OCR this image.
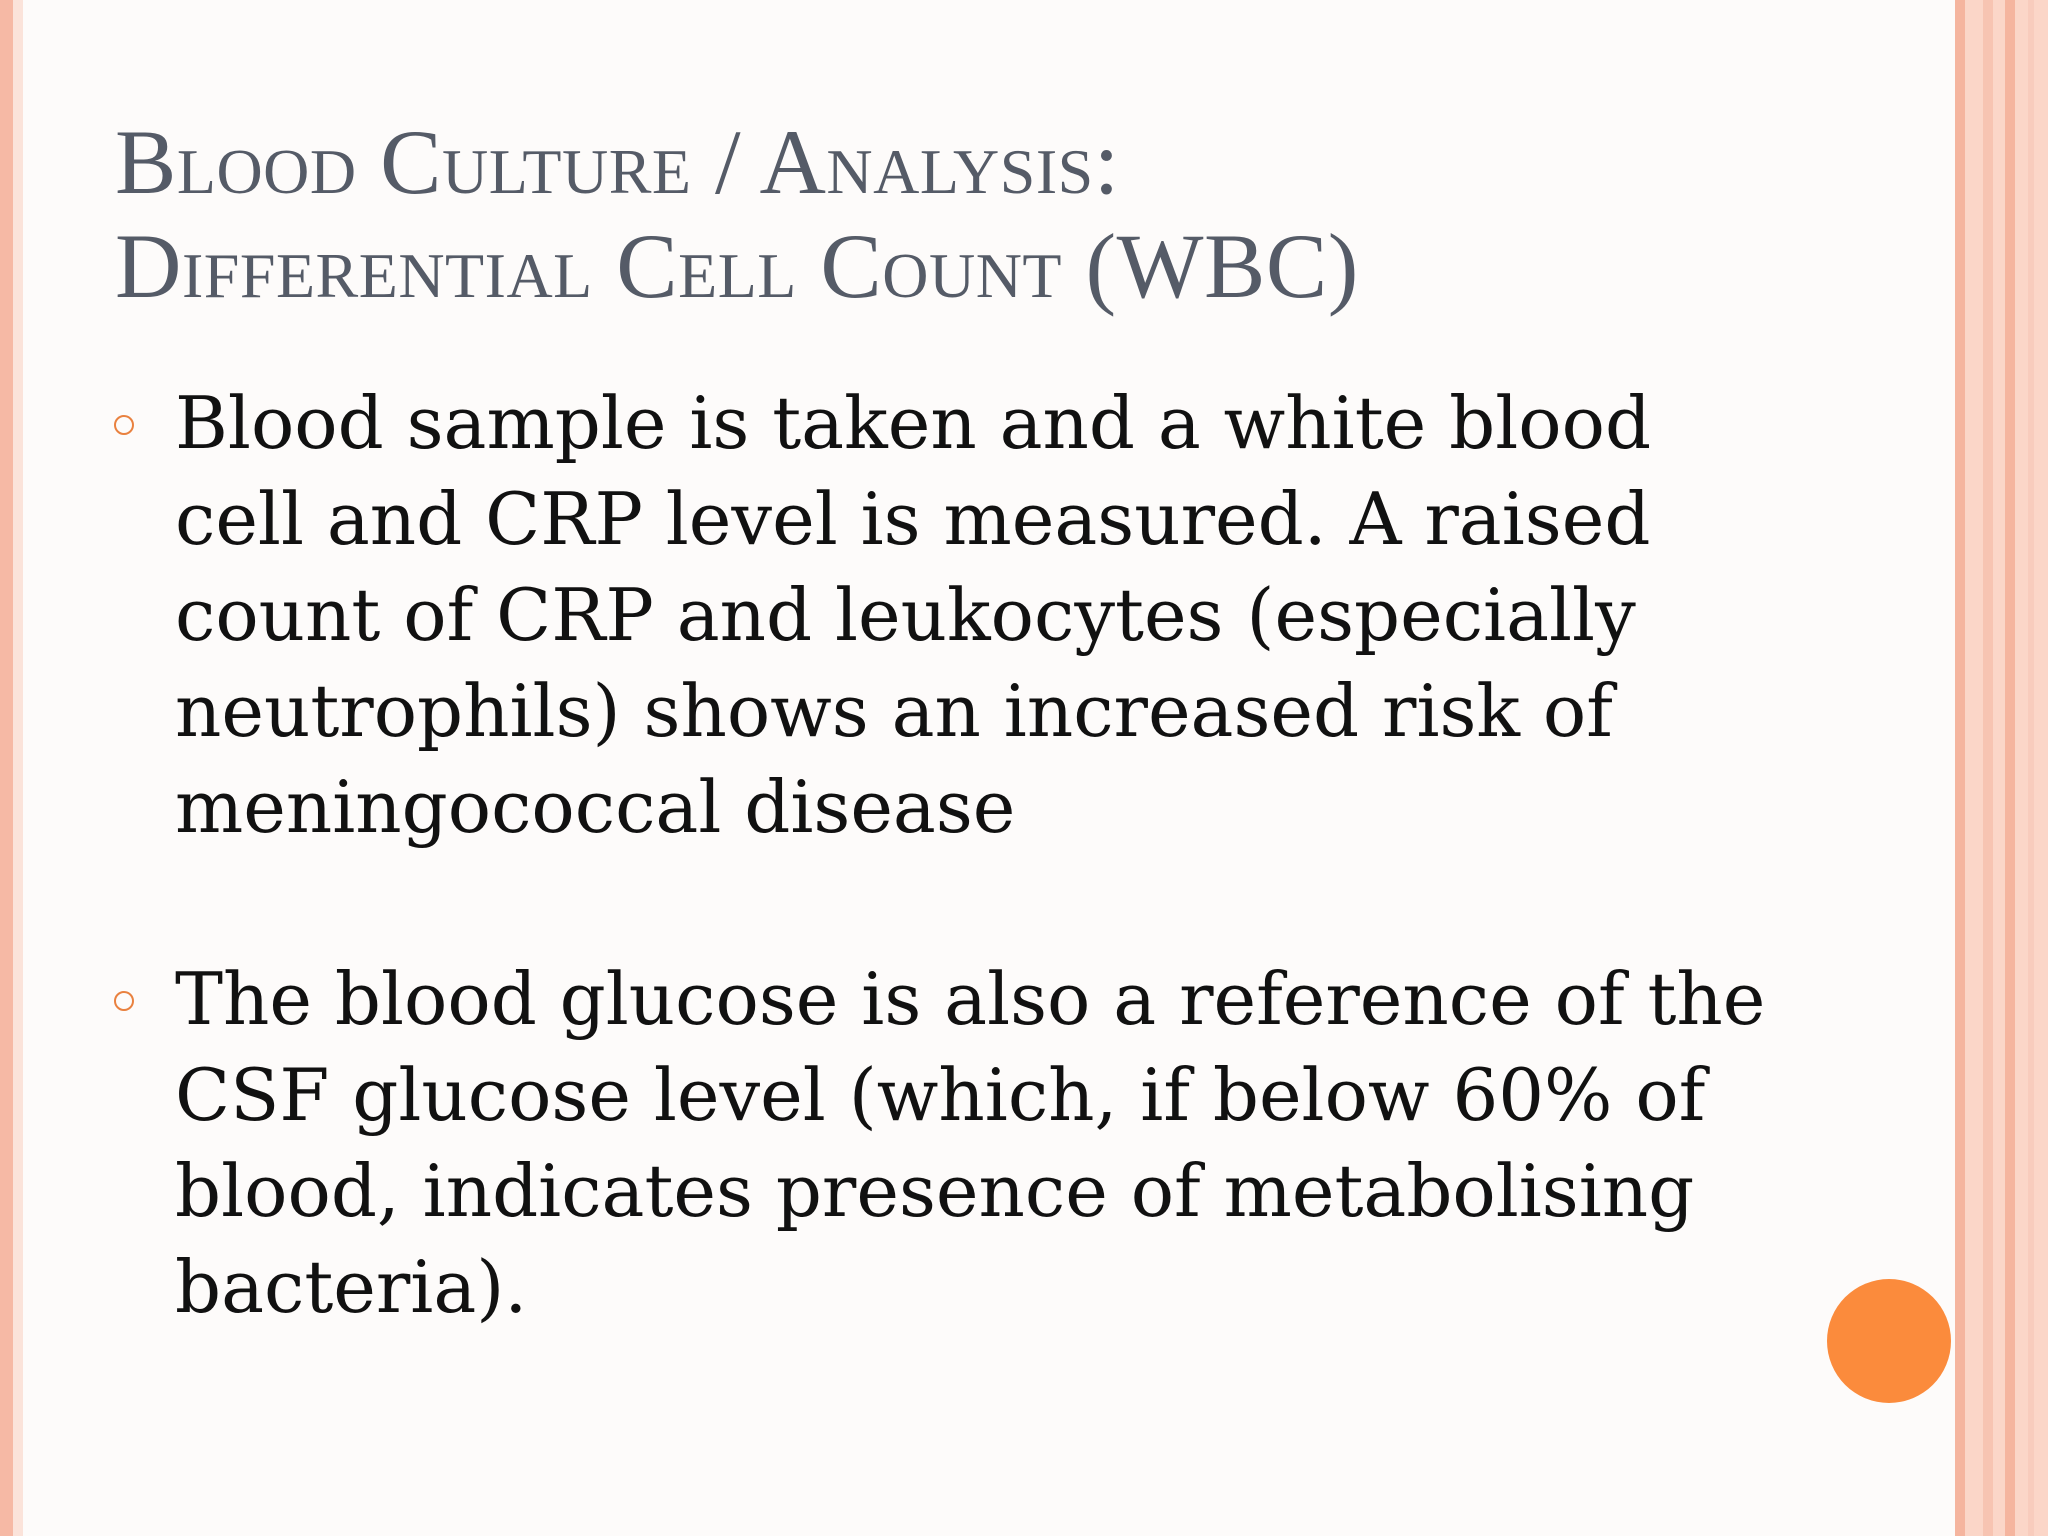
Blood Culture / Analysis:
Differential Cell Count (WBC)
Blood sample is taken and a white blood
cell and CRP level is measured. A raised
count of CRP and leukocytes (especially
neutrophils) shows an increased risk of
meningococcal disease
The blood glucose is also a reference of the
CSF glucose level (which, if below 60% of
blood, indicates presence of metabolising
bacteria).
